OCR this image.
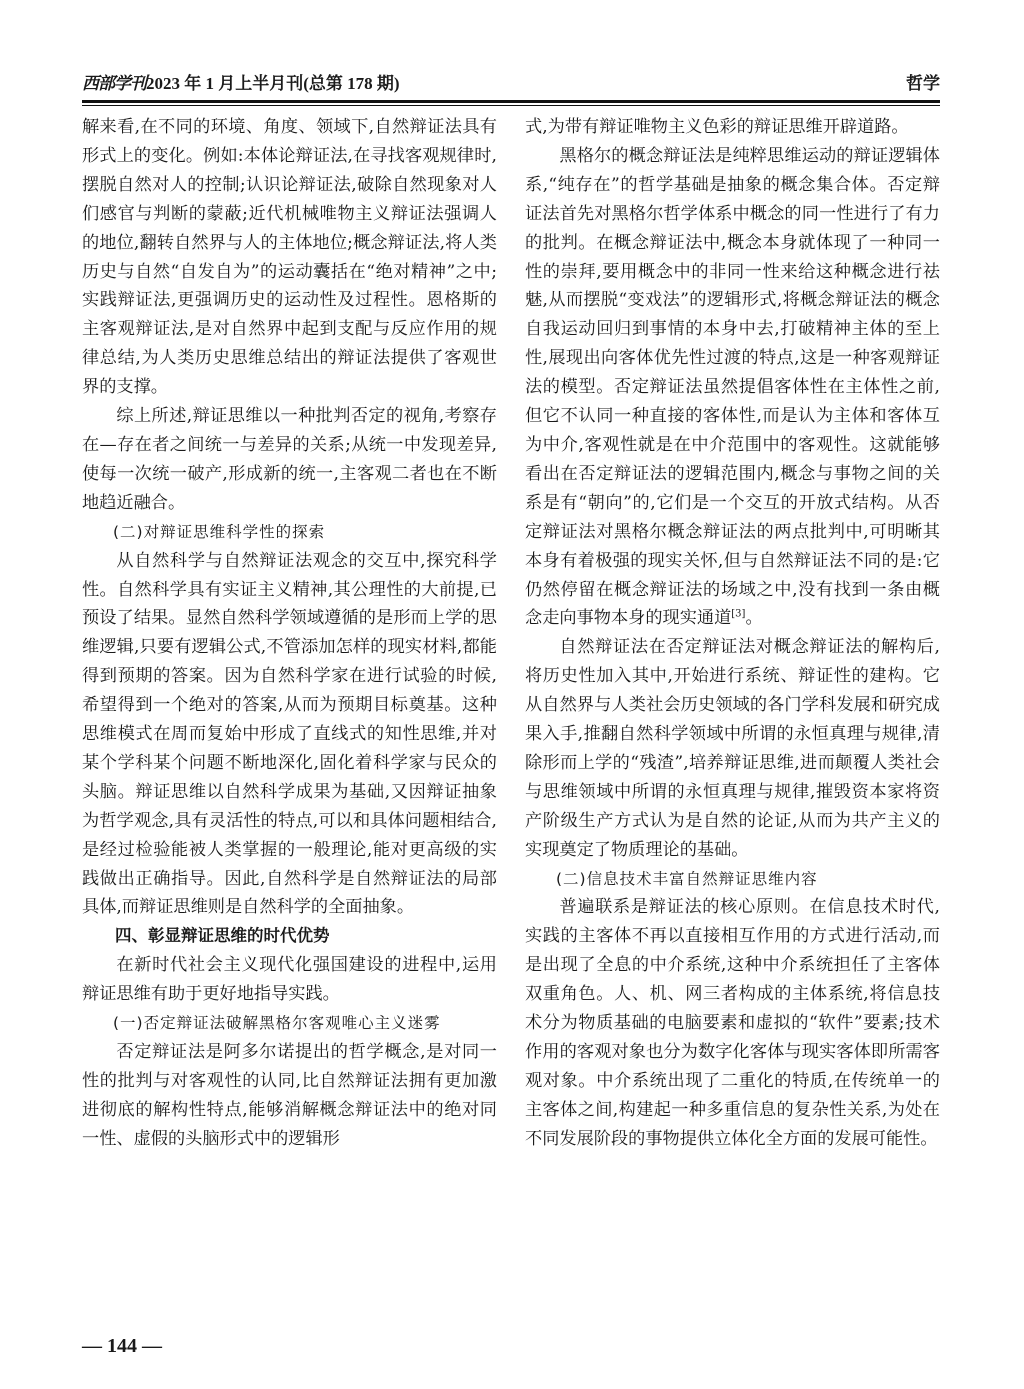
西部学刊2023 年 1 月上半月刊(总第 178 期)	哲学

解来看,在不同的环境、角度、领域下,自然辩证法具有形式上的变化。例如:本体论辩证法,在寻找客观规律时,摆脱自然对人的控制;认识论辩证法,破除自然现象对人们感官与判断的蒙蔽;近代机械唯物主义辩证法强调人的地位,翻转自然界与人的主体地位;概念辩证法,将人类历史与自然“自发自为”的运动囊括在“绝对精神”之中;实践辩证法,更强调历史的运动性及过程性。恩格斯的主客观辩证法,是对自然界中起到支配与反应作用的规律总结,为人类历史思维总结出的辩证法提供了客观世界的支撑。

综上所述,辩证思维以一种批判否定的视角,考察存在—存在者之间统一与差异的关系;从统一中发现差异,使每一次统一破产,形成新的统一,主客观二者也在不断地趋近融合。

(二)对辩证思维科学性的探索

从自然科学与自然辩证法观念的交互中,探究科学性。自然科学具有实证主义精神,其公理性的大前提,已预设了结果。显然自然科学领域遵循的是形而上学的思维逻辑,只要有逻辑公式,不管添加怎样的现实材料,都能得到预期的答案。因为自然科学家在进行试验的时候,希望得到一个绝对的答案,从而为预期目标奠基。这种思维模式在周而复始中形成了直线式的知性思维,并对某个学科某个问题不断地深化,固化着科学家与民众的头脑。辩证思维以自然科学成果为基础,又因辩证抽象为哲学观念,具有灵活性的特点,可以和具体问题相结合,是经过检验能被人类掌握的一般理论,能对更高级的实践做出正确指导。因此,自然科学是自然辩证法的局部具体,而辩证思维则是自然科学的全面抽象。

四、彰显辩证思维的时代优势

在新时代社会主义现代化强国建设的进程中,运用辩证思维有助于更好地指导实践。

(一)否定辩证法破解黑格尔客观唯心主义迷雾

否定辩证法是阿多尔诺提出的哲学概念,是对同一性的批判与对客观性的认同,比自然辩证法拥有更加激进彻底的解构性特点,能够消解概念辩证法中的绝对同一性、虚假的头脑形式中的逻辑形

式,为带有辩证唯物主义色彩的辩证思维开辟道路。

黑格尔的概念辩证法是纯粹思维运动的辩证逻辑体系,“纯存在”的哲学基础是抽象的概念集合体。否定辩证法首先对黑格尔哲学体系中概念的同一性进行了有力的批判。在概念辩证法中,概念本身就体现了一种同一性的崇拜,要用概念中的非同一性来给这种概念进行祛魅,从而摆脱“变戏法”的逻辑形式,将概念辩证法的概念自我运动回归到事情的本身中去,打破精神主体的至上性,展现出向客体优先性过渡的特点,这是一种客观辩证法的模型。否定辩证法虽然提倡客体性在主体性之前,但它不认同一种直接的客体性,而是认为主体和客体互为中介,客观性就是在中介范围中的客观性。这就能够看出在否定辩证法的逻辑范围内,概念与事物之间的关系是有“朝向”的,它们是一个交互的开放式结构。从否定辩证法对黑格尔概念辩证法的两点批判中,可明晰其本身有着极强的现实关怀,但与自然辩证法不同的是:它仍然停留在概念辩证法的场域之中,没有找到一条由概念走向事物本身的现实通道[3]。

自然辩证法在否定辩证法对概念辩证法的解构后,将历史性加入其中,开始进行系统、辩证性的建构。它从自然界与人类社会历史领域的各门学科发展和研究成果入手,推翻自然科学领域中所谓的永恒真理与规律,清除形而上学的“残渣”,培养辩证思维,进而颠覆人类社会与思维领域中所谓的永恒真理与规律,摧毁资本家将资产阶级生产方式认为是自然的论证,从而为共产主义的实现奠定了物质理论的基础。

(二)信息技术丰富自然辩证思维内容

普遍联系是辩证法的核心原则。在信息技术时代,实践的主客体不再以直接相互作用的方式进行活动,而是出现了全息的中介系统,这种中介系统担任了主客体双重角色。人、机、网三者构成的主体系统,将信息技术分为物质基础的电脑要素和虚拟的“软件”要素;技术作用的客观对象也分为数字化客体与现实客体即所需客观对象。中介系统出现了二重化的特质,在传统单一的主客体之间,构建起一种多重信息的复杂性关系,为处在不同发展阶段的事物提供立体化全方面的发展可能性。

— 144 —
